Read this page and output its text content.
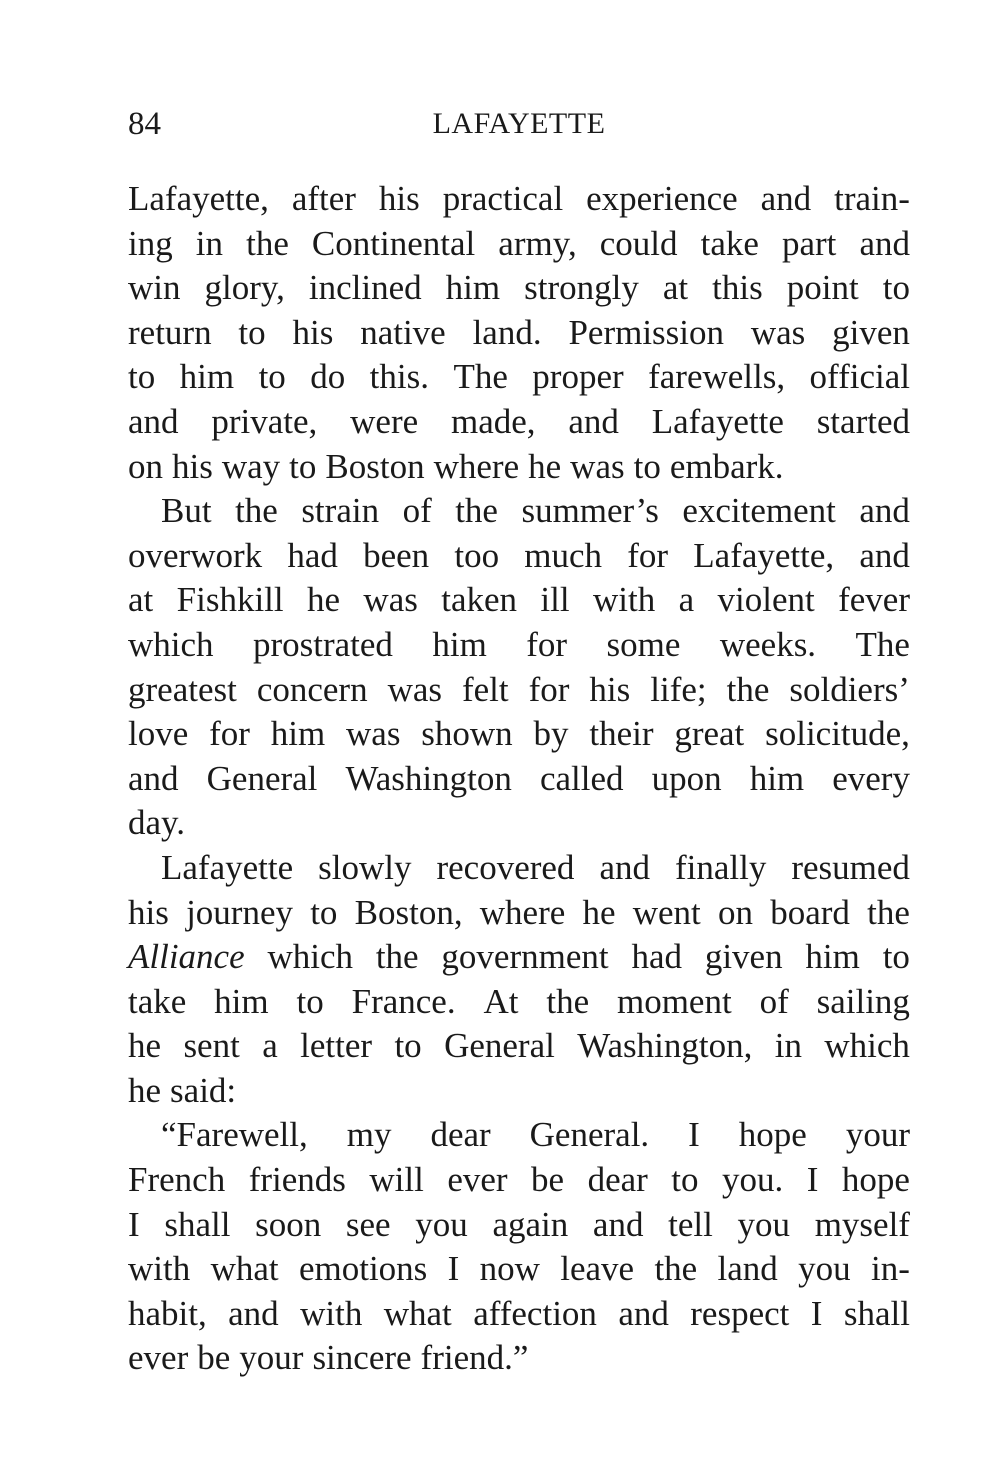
84	LAFAYETTE
Lafayette, after his practical experience and train-
ing in the Continental army, could take part and
win glory, inclined him strongly at this point to
return to his native land. Permission was given
to him to do this. The proper farewells, official
and private, were made, and Lafayette started
on his way to Boston where he was to embark.
But the strain of the summer’s excitement and
overwork had been too much for Lafayette, and
at Fishkill he was taken ill with a violent fever
which prostrated him for some weeks. The
greatest concern was felt for his life; the soldiers’
love for him was shown by their great solicitude,
and General Washington called upon him every
day.
Lafayette slowly recovered and finally resumed
his journey to Boston, where he went on board the
Alliance which the government had given him to
take him to France. At the moment of sailing
he sent a letter to General Washington, in which
he said:
“Farewell, my dear General. I hope your
French friends will ever be dear to you. I hope
I shall soon see you again and tell you myself
with what emotions I now leave the land you in-
habit, and with what affection and respect I shall
ever be your sincere friend.”
